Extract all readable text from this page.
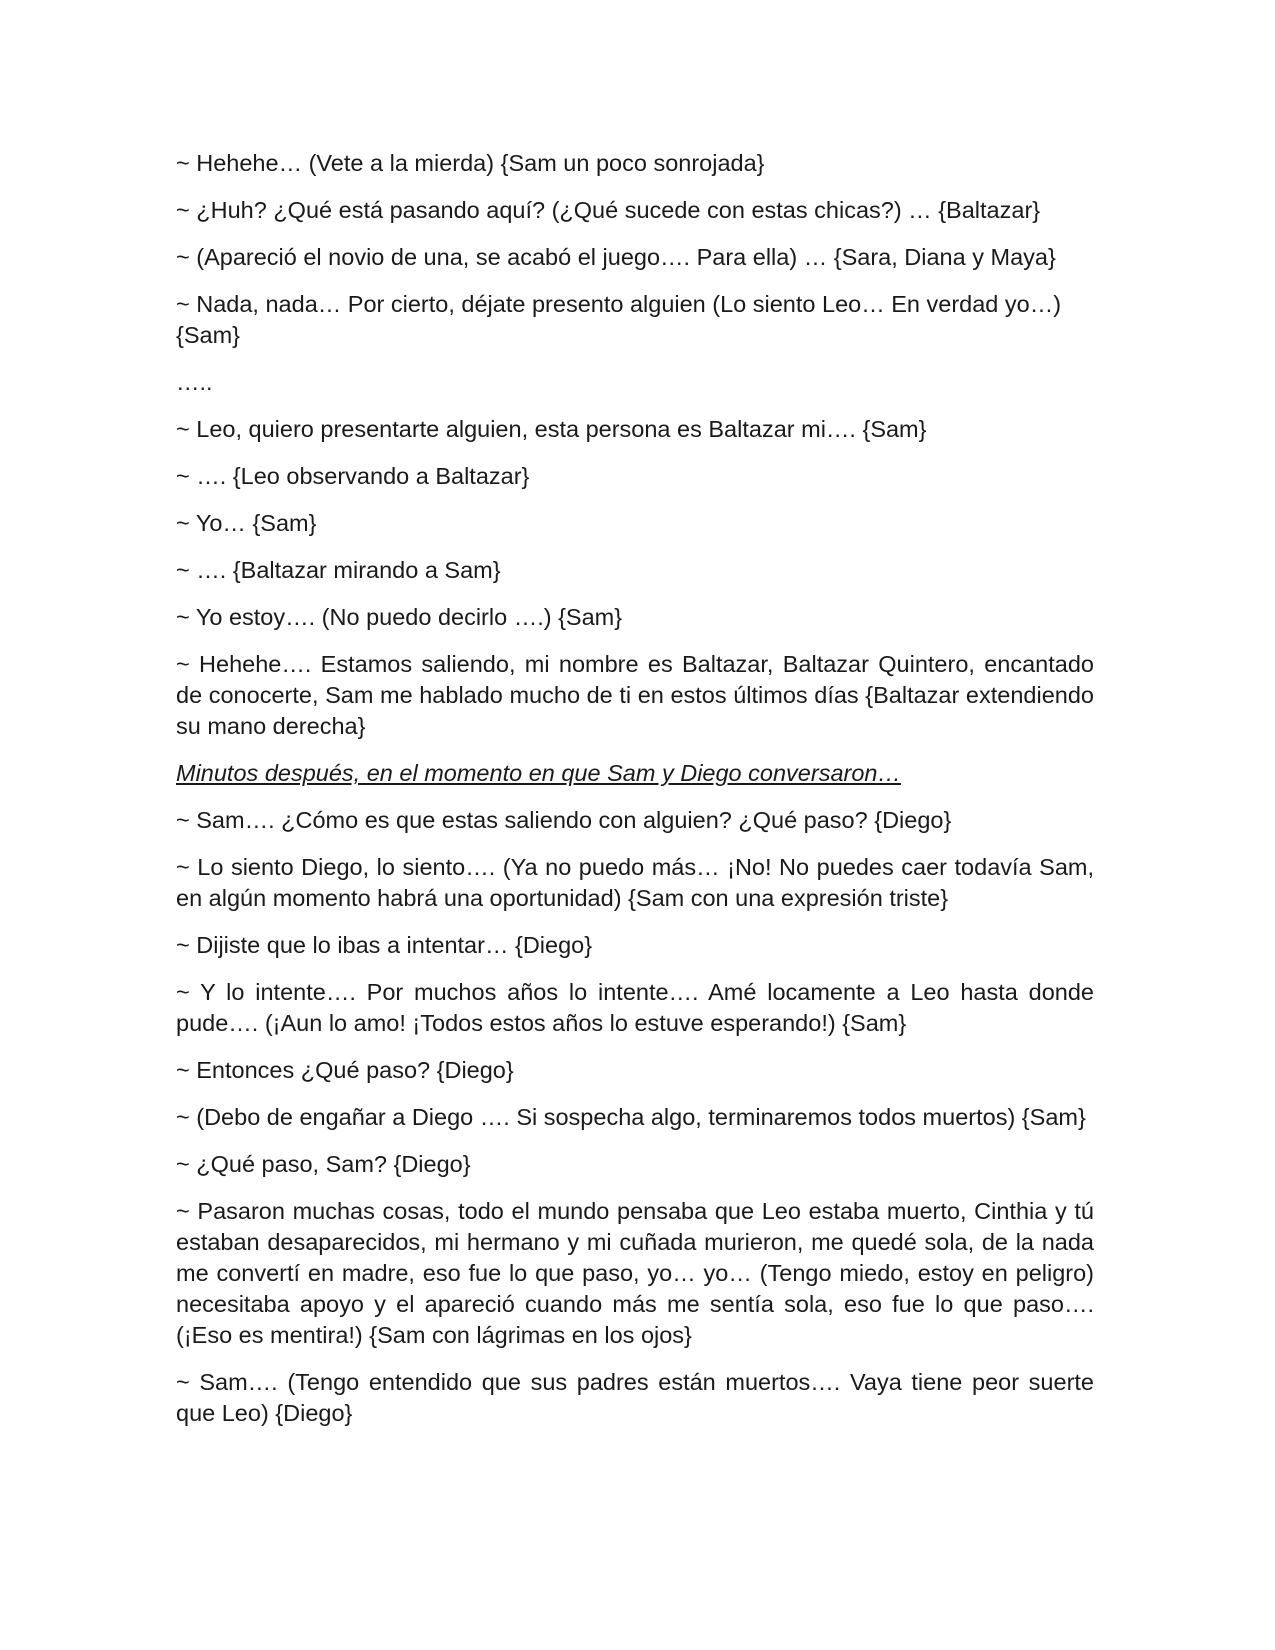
~ Hehehe… (Vete a la mierda) {Sam un poco sonrojada}

~ ¿Huh? ¿Qué está pasando aquí? (¿Qué sucede con estas chicas?) … {Baltazar}

~ (Apareció el novio de una, se acabó el juego…. Para ella) … {Sara, Diana y Maya}

~ Nada, nada… Por cierto, déjate presento alguien (Lo siento Leo… En verdad yo…) {Sam}

…..

~ Leo, quiero presentarte alguien, esta persona es Baltazar mi…. {Sam}

~ …. {Leo observando a Baltazar}

~ Yo… {Sam}

~ …. {Baltazar mirando a Sam}

~ Yo estoy…. (No puedo decirlo ….) {Sam}

~ Hehehe…. Estamos saliendo, mi nombre es Baltazar, Baltazar Quintero, encantado de conocerte, Sam me hablado mucho de ti en estos últimos días {Baltazar extendiendo su mano derecha}

Minutos después, en el momento en que Sam y Diego conversaron…

~ Sam…. ¿Cómo es que estas saliendo con alguien? ¿Qué paso? {Diego}

~ Lo siento Diego, lo siento…. (Ya no puedo más… ¡No! No puedes caer todavía Sam, en algún momento habrá una oportunidad) {Sam con una expresión triste}

~ Dijiste que lo ibas a intentar… {Diego}

~ Y lo intente…. Por muchos años lo intente…. Amé locamente a Leo hasta donde pude…. (¡Aun lo amo! ¡Todos estos años lo estuve esperando!) {Sam}

~ Entonces ¿Qué paso? {Diego}

~ (Debo de engañar a Diego …. Si sospecha algo, terminaremos todos muertos) {Sam}

~ ¿Qué paso, Sam? {Diego}

~ Pasaron muchas cosas, todo el mundo pensaba que Leo estaba muerto, Cinthia y tú estaban desaparecidos, mi hermano y mi cuñada murieron, me quedé sola, de la nada me convertí en madre, eso fue lo que paso, yo… yo… (Tengo miedo, estoy en peligro) necesitaba apoyo y el apareció cuando más me sentía sola, eso fue lo que paso…. (¡Eso es mentira!) {Sam con lágrimas en los ojos}

~ Sam…. (Tengo entendido que sus padres están muertos…. Vaya tiene peor suerte que Leo) {Diego}
